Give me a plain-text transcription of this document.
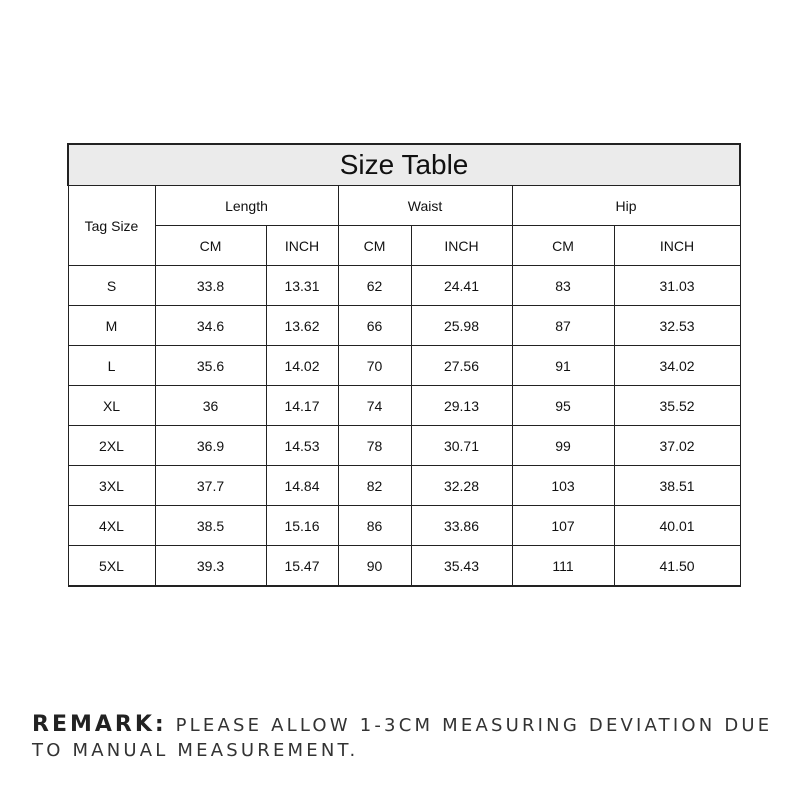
Size Table						
Tag Size	Length		Waist		Hip	
	CM	INCH	CM	INCH	CM	INCH
S	33.8	13.31	62	24.41	83	31.03
M	34.6	13.62	66	25.98	87	32.53
L	35.6	14.02	70	27.56	91	34.02
XL	36	14.17	74	29.13	95	35.52
2XL	36.9	14.53	78	30.71	99	37.02
3XL	37.7	14.84	82	32.28	103	38.51
4XL	38.5	15.16	86	33.86	107	40.01
5XL	39.3	15.47	90	35.43	111	41.50
REMARK: PLEASE ALLOW 1-3CM MEASURING DEVIATION DUE TO MANUAL MEASUREMENT.
